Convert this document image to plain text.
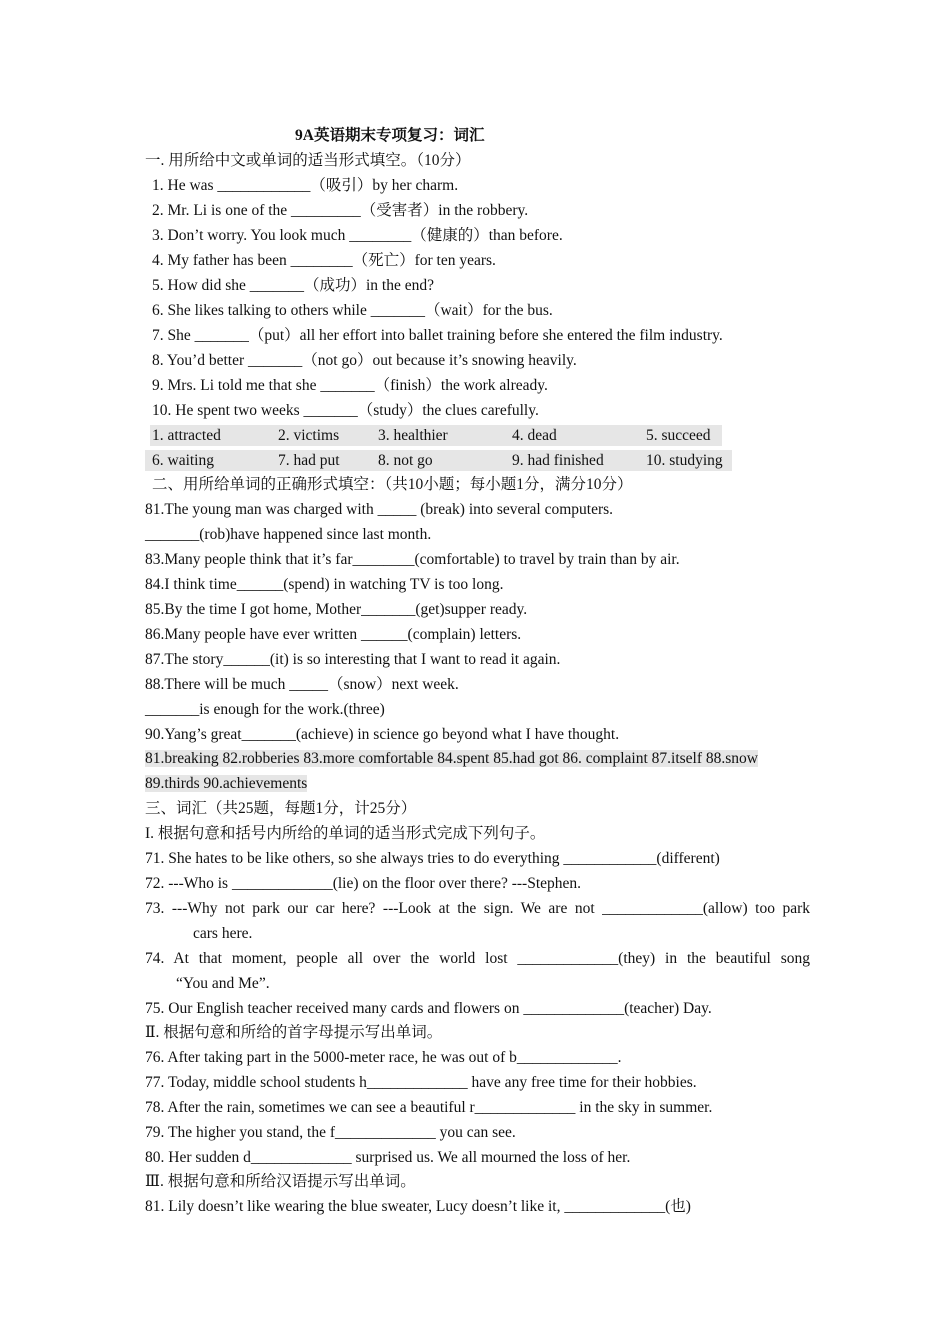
9A英语期末专项复习：词汇
一. 用所给中文或单词的适当形式填空。（10分）
1. He was ____________（吸引）by her charm.
2. Mr. Li is one of the _________（受害者）in the robbery.
3. Don’t worry. You look much ________（健康的）than before.
4. My father has been ________（死亡）for ten years.
5. How did she _______（成功）in the end?
6. She likes talking to others while _______（wait）for the bus.
7. She _______（put）all her effort into ballet training before she entered the film industry.
8. You’d better _______（not go）out because it’s snowing heavily.
9. Mrs. Li told me that she _______（finish）the work already.
10. He spent two weeks _______（study）the clues carefully.
1. attracted	2. victims	3. healthier	4. dead	5. succeed
6. waiting	7. had put 8. not go	9. had finished	10. studying
二、用所给单词的正确形式填空：（共10小题；每小题1分，满分10分）
81.The young man was charged with _____ (break) into several computers.
_______(rob)have happened since last month.
83.Many people think that it’s far________(comfortable) to travel by train than by air.
84.I think time______(spend) in watching TV is too long.
85.By the time I got home, Mother_______(get)supper ready.
86.Many people have ever written ______(complain) letters.
87.The story______(it) is so interesting that I want to read it again.
88.There will be much _____（snow）next week.
_______is enough for the work.(three)
90.Yang’s great_______(achieve) in science go beyond what I have thought.
81.breaking 82.robberies 83.more comfortable 84.spent 85.had got 86. complaint 87.itself 88.snow
89.thirds 90.achievements
三、词汇（共25题，每题1分，计25分）
I. 根据句意和括号内所给的单词的适当形式完成下列句子。
71. She hates to be like others, so she always tries to do everything ____________(different)
72. ---Who is _____________(lie) on the floor over there? ---Stephen.
73. ---Why not park our car here? ---Look at the sign. We are not _____________(allow) too park
cars here.
74. At that moment, people all over the world lost _____________(they) in the beautiful song
“You and Me”.
75. Our English teacher received many cards and flowers on _____________(teacher) Day.
Ⅱ. 根据句意和所给的首字母提示写出单词。
76. After taking part in the 5000-meter race, he was out of b_____________.
77. Today, middle school students h_____________ have any free time for their hobbies.
78. After the rain, sometimes we can see a beautiful r_____________ in the sky in summer.
79. The higher you stand, the f_____________ you can see.
80. Her sudden d_____________ surprised us. We all mourned the loss of her.
Ⅲ. 根据句意和所给汉语提示写出单词。
81. Lily doesn’t like wearing the blue sweater, Lucy doesn’t like it, _____________(也)
